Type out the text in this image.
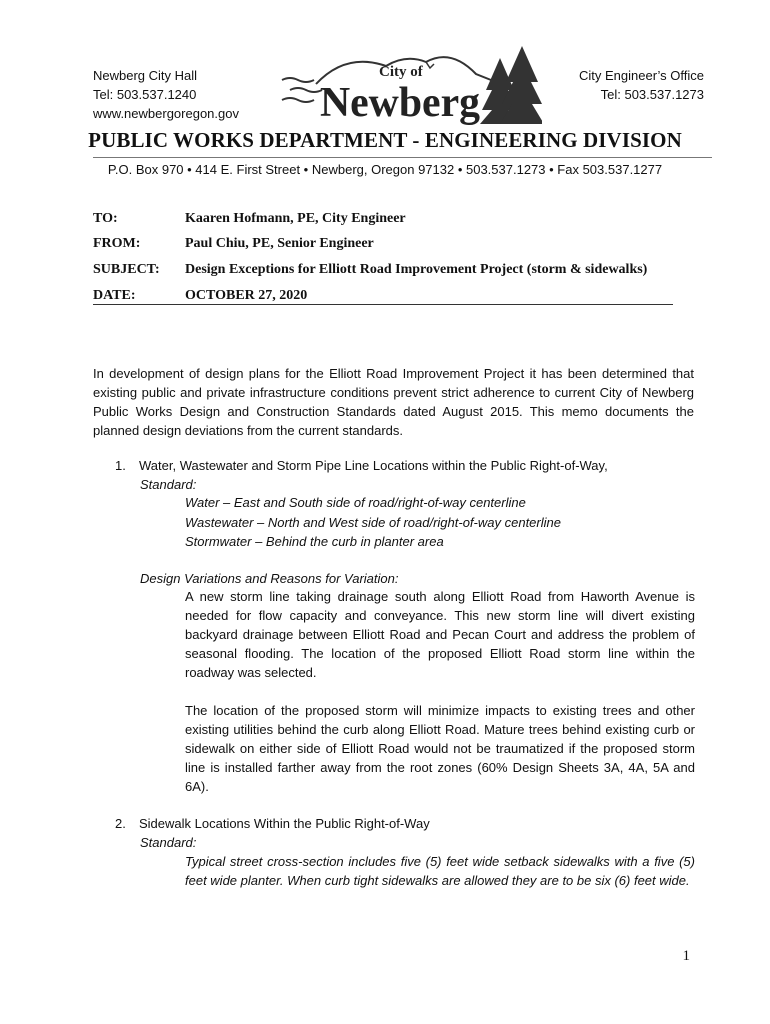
Newberg City Hall
Tel: 503.537.1240
www.newbergoregon.gov
City Engineer’s Office
Tel: 503.537.1273
City of
Newberg
PUBLIC WORKS DEPARTMENT - ENGINEERING DIVISION
P.O. Box 970 • 414 E. First Street • Newberg, Oregon 97132 • 503.537.1273 • Fax 503.537.1277
TO:	Kaaren Hofmann, PE, City Engineer
FROM:	Paul Chiu, PE, Senior Engineer
SUBJECT:	Design Exceptions for Elliott Road Improvement Project (storm & sidewalks)
DATE:	OCTOBER 27, 2020
In development of design plans for the Elliott Road Improvement Project it has been determined that existing public and private infrastructure conditions prevent strict adherence to current City of Newberg Public Works Design and Construction Standards dated August 2015. This memo documents the planned design deviations from the current standards.
1. Water, Wastewater and Storm Pipe Line Locations within the Public Right-of-Way,
Standard:
Water – East and South side of road/right-of-way centerline
Wastewater – North and West side of road/right-of-way centerline
Stormwater – Behind the curb in planter area
Design Variations and Reasons for Variation:
A new storm line taking drainage south along Elliott Road from Haworth Avenue is needed for flow capacity and conveyance. This new storm line will divert existing backyard drainage between Elliott Road and Pecan Court and address the problem of seasonal flooding. The location of the proposed Elliott Road storm line within the roadway was selected.
The location of the proposed storm will minimize impacts to existing trees and other existing utilities behind the curb along Elliott Road. Mature trees behind existing curb or sidewalk on either side of Elliott Road would not be traumatized if the proposed storm line is installed farther away from the root zones (60% Design Sheets 3A, 4A, 5A and 6A).
2. Sidewalk Locations Within the Public Right-of-Way
Standard:
Typical street cross-section includes five (5) feet wide setback sidewalks with a five (5) feet wide planter. When curb tight sidewalks are allowed they are to be six (6) feet wide.
1
